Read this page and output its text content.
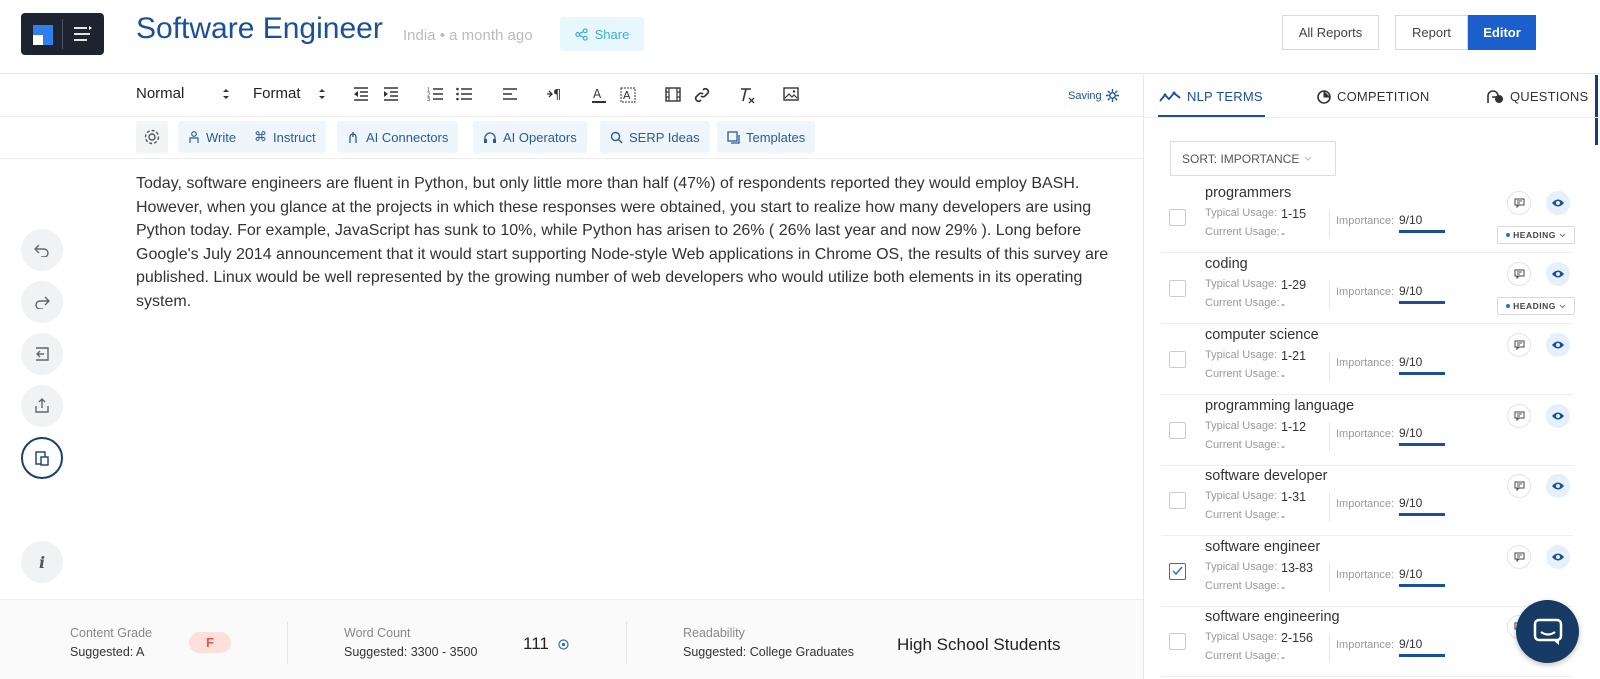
Software Engineer India • a month ago	Share	All Reports	Report	Editor
Normal	Format	1
2
3	¶	A A	Saving
Write ⌘ Instruct	AI Connectors	AI Operators	SERP Ideas	Templates
i
Today, software engineers are fluent in Python, but only little more than half (47%) of respondents reported they would employ BASH. However, when you glance at the projects in which these responses were obtained, you start to realize how many developers are using Python today. For example, JavaScript has sunk to 10%, while Python has arisen to 26% ( 26% last year and now 29% ). Long before Google's July 2014 announcement that it would start supporting Node-style Web applications in Chrome OS, the results of this survey are published. Linux would be well represented by the growing number of web developers who would utilize both elements in its operating system.
Content Grade
Suggested: A
F
Word Count
Suggested: 3300 - 3500	111
Readability
Suggested: College Graduates	High School Students
NLP TERMS	COMPETITION	QUESTIONS
SORT: IMPORTANCE
programmers
Typical Usage: 1-15
Current Usage: -
Importance: 9/10
HEADING
coding
Typical Usage: 1-29
Current Usage: -
Importance: 9/10
HEADING
computer science
Typical Usage: 1-21
Current Usage: -
Importance: 9/10
programming language
Typical Usage: 1-12
Current Usage: -
Importance: 9/10
software developer
Typical Usage: 1-31
Current Usage: -
Importance: 9/10
software engineer
Typical Usage: 13-83
Current Usage: -
Importance: 9/10
software engineering
Typical Usage: 2-156
Current Usage: -
Importance: 9/10
